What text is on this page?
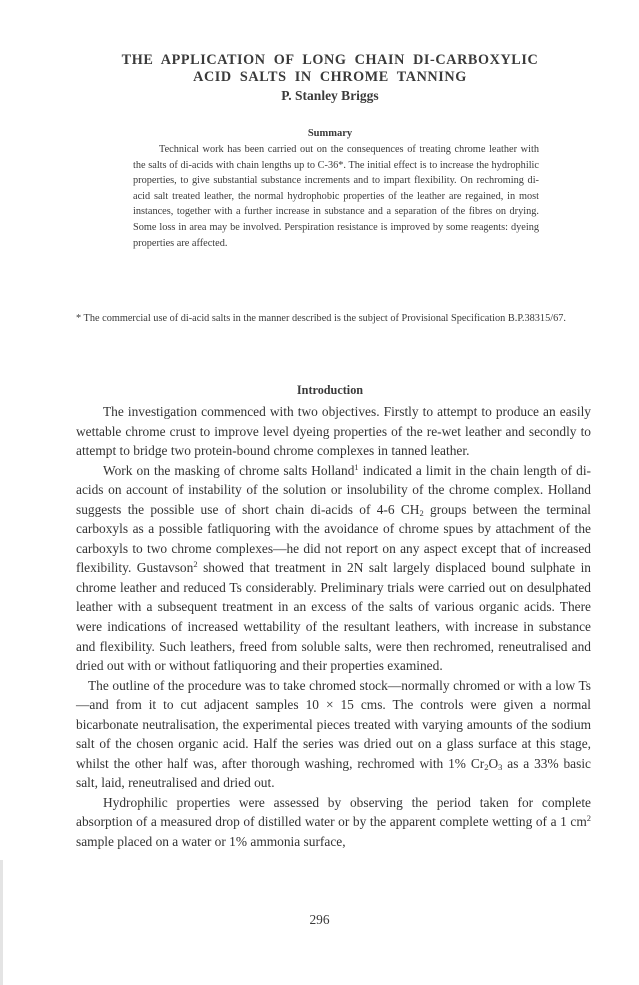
THE APPLICATION OF LONG CHAIN DI-CARBOXYLIC ACID SALTS IN CHROME TANNING
P. Stanley Briggs
Summary

Technical work has been carried out on the consequences of treating chrome leather with the salts of di-acids with chain lengths up to C-36*. The initial effect is to increase the hydrophilic properties, to give substantial substance increments and to impart flexibility. On rechroming di-acid salt treated leather, the normal hydrophobic properties of the leather are regained, in most instances, together with a further increase in substance and a separation of the fibres on drying. Some loss in area may be involved. Perspiration resistance is improved by some reagents: dyeing properties are affected.

* The commercial use of di-acid salts in the manner described is the subject of Provisional Specification B.P.38315/67.
Introduction

The investigation commenced with two objectives. Firstly to attempt to produce an easily wettable chrome crust to improve level dyeing properties of the re-wet leather and secondly to attempt to bridge two protein-bound chrome complexes in tanned leather.

Work on the masking of chrome salts Holland$^1$ indicated a limit in the chain length of di-acids on account of instability of the solution or insolubility of the chrome complex. Holland suggests the possible use of short chain di-acids of 4-6 $CH_2$ groups between the terminal carboxyls as a possible fatliquoring with the avoidance of chrome spues by attachment of the carboxyls to two chrome complexes—he did not report on any aspect except that of increased flexibility. Gustavson$^2$ showed that treatment in 2N salt largely displaced bound sulphate in chrome leather and reduced Ts considerably. Preliminary trials were carried out on desulphated leather with a subsequent treatment in an excess of the salts of various organic acids. There were indications of increased wettability of the resultant leathers, with increase in substance and flexibility. Such leathers, freed from soluble salts, were then rechromed, reneutralised and dried out with or without fatliquoring and their properties examined.

The outline of the procedure was to take chromed stock—normally chromed or with a low Ts—and from it to cut adjacent samples 10 × 15 cms. The controls were given a normal bicarbonate neutralisation, the experimental pieces treated with varying amounts of the sodium salt of the chosen organic acid. Half the series was dried out on a glass surface at this stage, whilst the other half was, after thorough washing, rechromed with 1% $Cr_2O_3$ as a 33% basic salt, laid, reneutralised and dried out.

Hydrophilic properties were assessed by observing the period taken for complete absorption of a measured drop of distilled water or by the apparent complete wetting of a 1 $cm^2$ sample placed on a water or 1% ammonia surface,

296
